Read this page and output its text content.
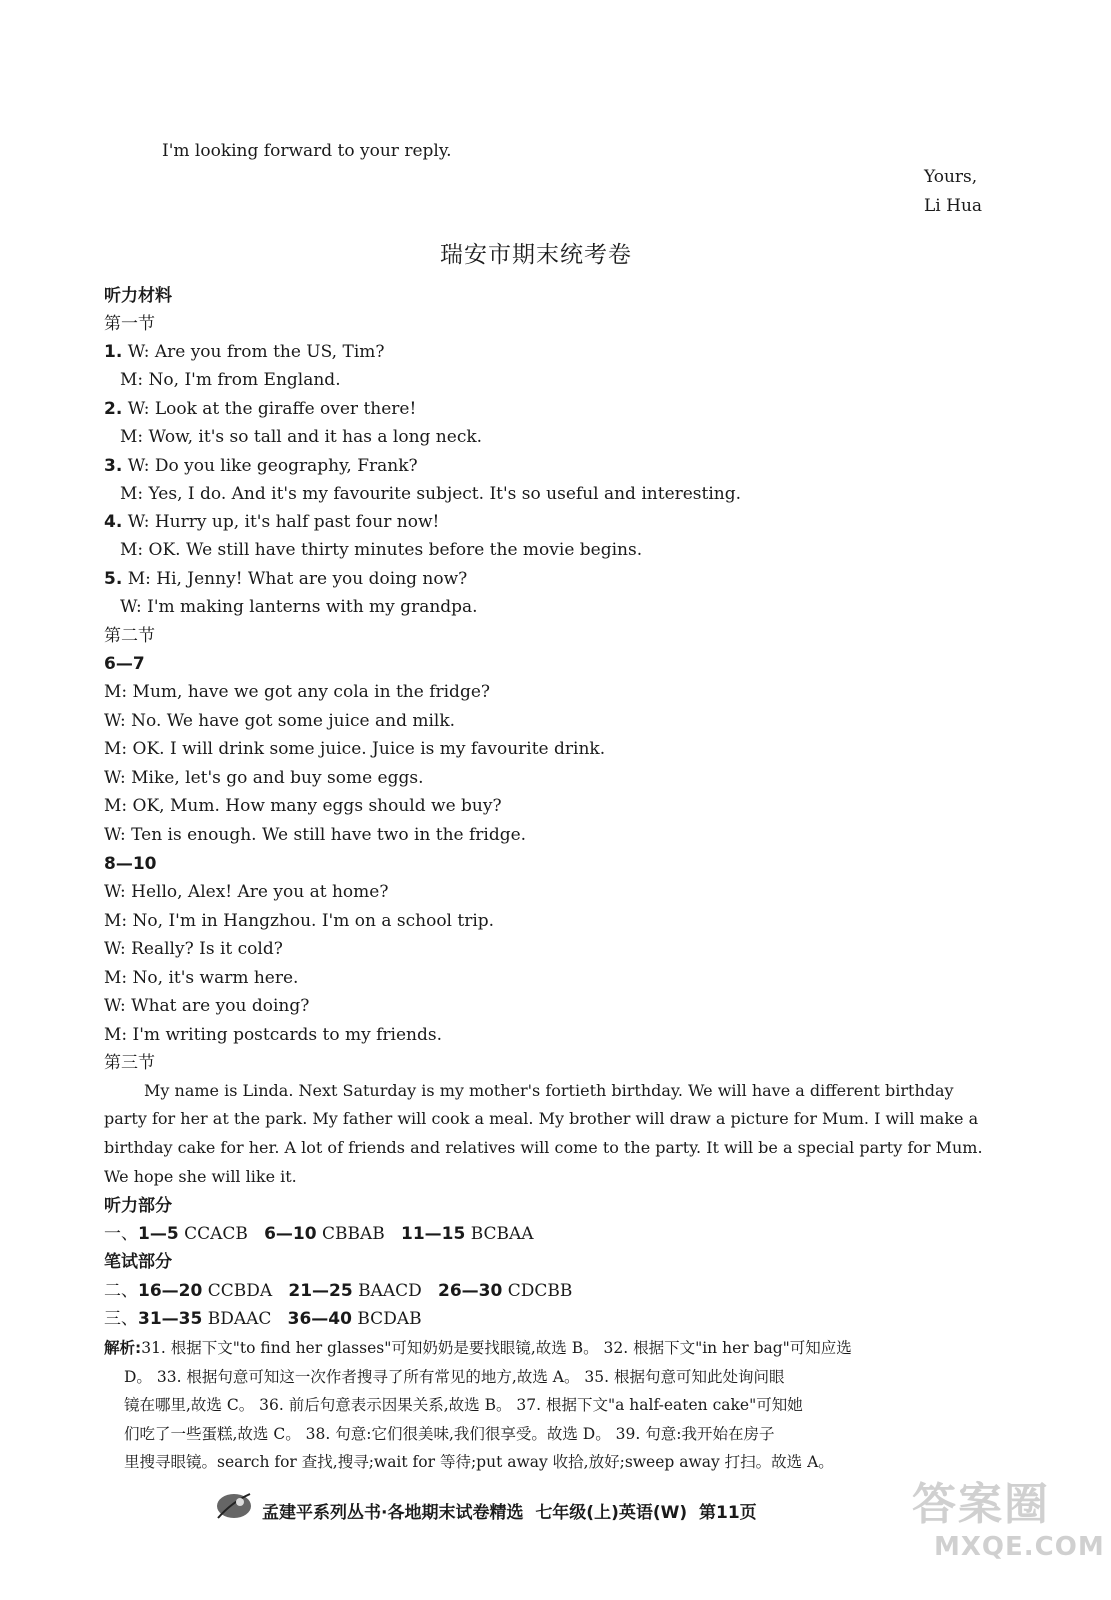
I'm looking forward to your reply.
Yours,
Li Hua
瑞安市期末统考卷
听力材料
第一节
1. W: Are you from the US, Tim?
M: No, I'm from England.
2. W: Look at the giraffe over there!
M: Wow, it's so tall and it has a long neck.
3. W: Do you like geography, Frank?
M: Yes, I do. And it's my favourite subject. It's so useful and interesting.
4. W: Hurry up, it's half past four now!
M: OK. We still have thirty minutes before the movie begins.
5. M: Hi, Jenny! What are you doing now?
W: I'm making lanterns with my grandpa.
第二节
6—7
M: Mum, have we got any cola in the fridge?
W: No. We have got some juice and milk.
M: OK. I will drink some juice. Juice is my favourite drink.
W: Mike, let's go and buy some eggs.
M: OK, Mum. How many eggs should we buy?
W: Ten is enough. We still have two in the fridge.
8—10
W: Hello, Alex! Are you at home?
M: No, I'm in Hangzhou. I'm on a school trip.
W: Really? Is it cold?
M: No, it's warm here.
W: What are you doing?
M: I'm writing postcards to my friends.
第三节
My name is Linda. Next Saturday is my mother's fortieth birthday. We will have a different birthday
party for her at the park. My father will cook a meal. My brother will draw a picture for Mum. I will make a
birthday cake for her. A lot of friends and relatives will come to the party. It will be a special party for Mum.
We hope she will like it.
听力部分
一、1—5 CCACB 6—10 CBBAB 11—15 BCBAA
笔试部分
二、16—20 CCBDA 21—25 BAACD 26—30 CDCBB
三、31—35 BDAAC 36—40 BCDAB
解析:31. 根据下文"to find her glasses"可知奶奶是要找眼镜,故选 B。 32. 根据下文"in her bag"可知应选
D。 33. 根据句意可知这一次作者搜寻了所有常见的地方,故选 A。 35. 根据句意可知此处询问眼
镜在哪里,故选 C。 36. 前后句意表示因果关系,故选 B。 37. 根据下文"a half-eaten cake"可知她
们吃了一些蛋糕,故选 C。 38. 句意:它们很美味,我们很享受。故选 D。 39. 句意:我开始在房子
里搜寻眼镜。search for 查找,搜寻;wait for 等待;put away 收拾,放好;sweep away 打扫。故选 A。
答案圈
MXQE.COM
孟建平系列丛书·各地期末试卷精选 七年级(上)英语(W) 第11页
